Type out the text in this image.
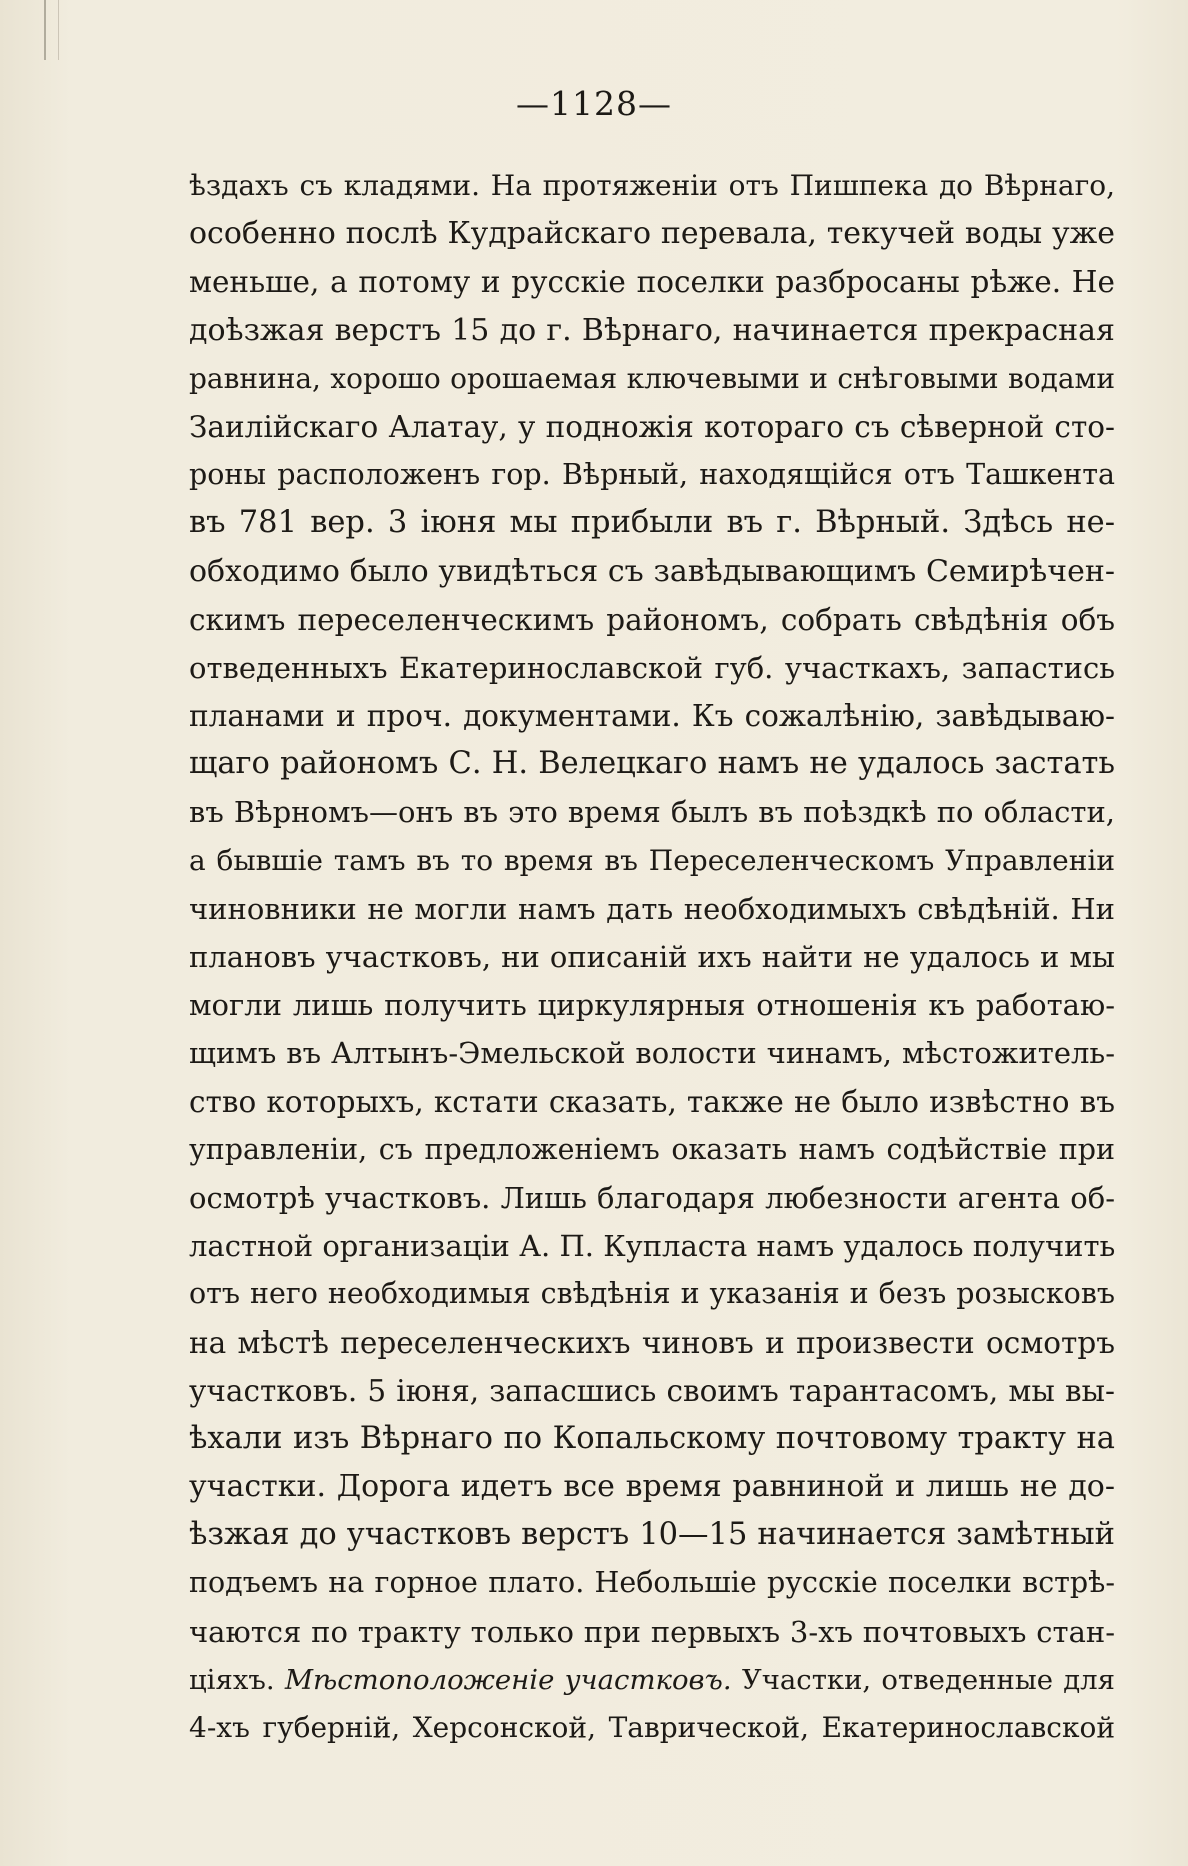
—1128—
ѣздахъ съ кладями. На протяженіи отъ Пишпека до Вѣрнаго,
особенно послѣ Кудрайскаго перевала, текучей воды уже
меньше, а потому и русскіе поселки разбросаны рѣже. Не
доѣзжая верстъ 15 до г. Вѣрнаго, начинается прекрасная
равнина, хорошо орошаемая ключевыми и снѣговыми водами
Заилійскаго Алатау, у подножія котораго съ сѣверной сто-
роны расположенъ гор. Вѣрный, находящійся отъ Ташкента
въ 781 вер. 3 іюня мы прибыли въ г. Вѣрный. Здѣсь не-
обходимо было увидѣться съ завѣдывающимъ Семирѣчен-
скимъ переселенческимъ райономъ, собрать свѣдѣнія объ
отведенныхъ Екатеринославской губ. участкахъ, запастись
планами и проч. документами. Къ сожалѣнію, завѣдываю-
щаго райономъ С. Н. Велецкаго намъ не удалось застать
въ Вѣрномъ—онъ въ это время былъ въ поѣздкѣ по области,
а бывшіе тамъ въ то время въ Переселенческомъ Управленіи
чиновники не могли намъ дать необходимыхъ свѣдѣній. Ни
плановъ участковъ, ни описаній ихъ найти не удалось и мы
могли лишь получить циркулярныя отношенія къ работаю-
щимъ въ Алтынъ-Эмельской волости чинамъ, мѣстожитель-
ство которыхъ, кстати сказать, также не было извѣстно въ
управленіи, съ предложеніемъ оказать намъ содѣйствіе при
осмотрѣ участковъ. Лишь благодаря любезности агента об-
ластной организаціи А. П. Купласта намъ удалось получить
отъ него необходимыя свѣдѣнія и указанія и безъ розысковъ
на мѣстѣ переселенческихъ чиновъ и произвести осмотръ
участковъ. 5 іюня, запасшись своимъ тарантасомъ, мы вы-
ѣхали изъ Вѣрнаго по Копальскому почтовому тракту на
участки. Дорога идетъ все время равниной и лишь не до-
ѣзжая до участковъ верстъ 10—15 начинается замѣтный
подъемъ на горное плато. Небольшіе русскіе поселки встрѣ-
чаются по тракту только при первыхъ 3-хъ почтовыхъ стан-
ціяхъ. Мѣстоположеніе участковъ. Участки, отведенные для
4-хъ губерній, Херсонской, Таврической, Екатеринославской
